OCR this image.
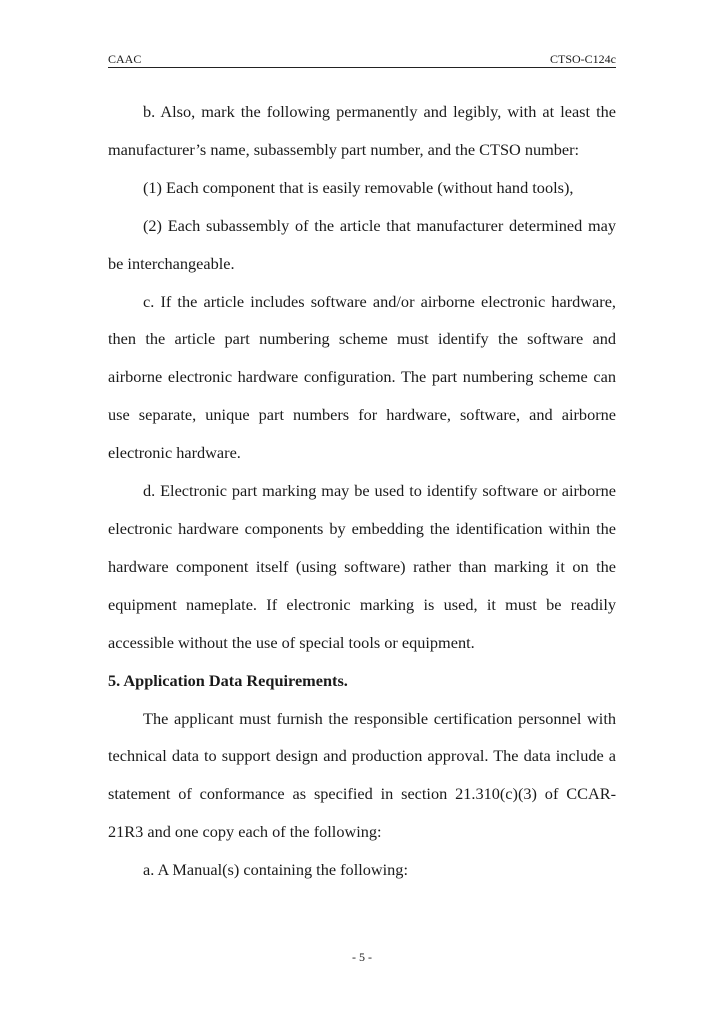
CAAC	CTSO-C124c

b. Also, mark the following permanently and legibly, with at least the manufacturer’s name, subassembly part number, and the CTSO number:

(1) Each component that is easily removable (without hand tools),

(2) Each subassembly of the article that manufacturer determined may be interchangeable.

c. If the article includes software and/or airborne electronic hardware, then the article part numbering scheme must identify the software and airborne electronic hardware configuration. The part numbering scheme can use separate, unique part numbers for hardware, software, and airborne electronic hardware.

d. Electronic part marking may be used to identify software or airborne electronic hardware components by embedding the identification within the hardware component itself (using software) rather than marking it on the equipment nameplate. If electronic marking is used, it must be readily accessible without the use of special tools or equipment.

5. Application Data Requirements.

The applicant must furnish the responsible certification personnel with technical data to support design and production approval. The data include a statement of conformance as specified in section 21.310(c)(3) of CCAR-21R3 and one copy each of the following:

a. A Manual(s) containing the following:

- 5 -
